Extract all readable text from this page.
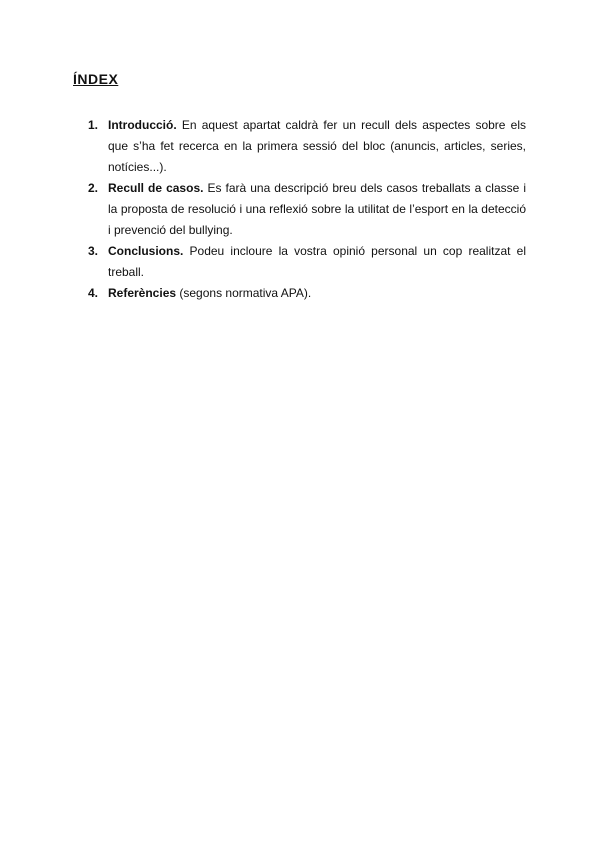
ÍNDEX
1. Introducció. En aquest apartat caldrà fer un recull dels aspectes sobre els que s’ha fet recerca en la primera sessió del bloc (anuncis, articles, series, notícies...).
2. Recull de casos. Es farà una descripció breu dels casos treballats a classe i la proposta de resolució i una reflexió sobre la utilitat de l’esport en la detecció i prevenció del bullying.
3. Conclusions. Podeu incloure la vostra opinió personal un cop realitzat el treball.
4. Referències (segons normativa APA).
